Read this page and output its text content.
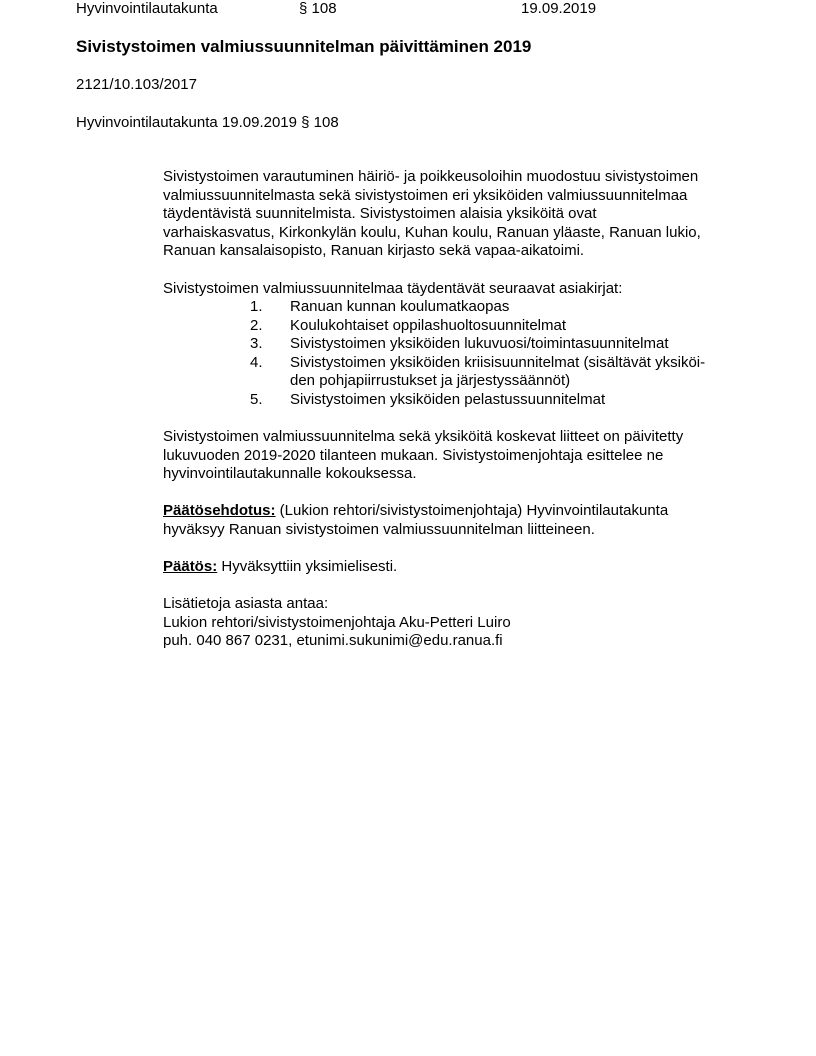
Hyvinvointilautakunta	§ 108	19.09.2019
Sivistystoimen valmiussuunnitelman päivittäminen 2019
2121/10.103/2017
Hyvinvointilautakunta 19.09.2019 § 108
Sivistystoimen varautuminen häiriö- ja poikkeusoloihin muodostuu sivistystoimen
valmiussuunnitelmasta sekä sivistystoimen eri yksiköiden valmiussuunnitelmaa
täydentävistä suunnitelmista. Sivistystoimen alaisia yksiköitä ovat
varhaiskasvatus, Kirkonkylän koulu, Kuhan koulu, Ranuan yläaste, Ranuan lukio,
Ranuan kansalaisopisto, Ranuan kirjasto sekä vapaa-aikatoimi.
Sivistystoimen valmiussuunnitelmaa täydentävät seuraavat asiakirjat:
1. Ranuan kunnan koulumatkaopas
2. Koulukohtaiset oppilashuoltosuunnitelmat
3. Sivistystoimen yksiköiden lukuvuosi/toimintasuunnitelmat
4. Sivistystoimen yksiköiden kriisisuunnitelmat (sisältävät yksiköi-
den pohjapiirrustukset ja järjestyssäännöt)
5. Sivistystoimen yksiköiden pelastussuunnitelmat
Sivistystoimen valmiussuunnitelma sekä yksiköitä koskevat liitteet on päivitetty
lukuvuoden 2019-2020 tilanteen mukaan. Sivistystoimenjohtaja esittelee ne
hyvinvointilautakunnalle kokouksessa.
Päätösehdotus: (Lukion rehtori/sivistystoimenjohtaja) Hyvinvointilautakunta
hyväksyy Ranuan sivistystoimen valmiussuunnitelman liitteineen.
Päätös: Hyväksyttiin yksimielisesti.
Lisätietoja asiasta antaa:
Lukion rehtori/sivistystoimenjohtaja Aku-Petteri Luiro
puh. 040 867 0231, etunimi.sukunimi@edu.ranua.fi
